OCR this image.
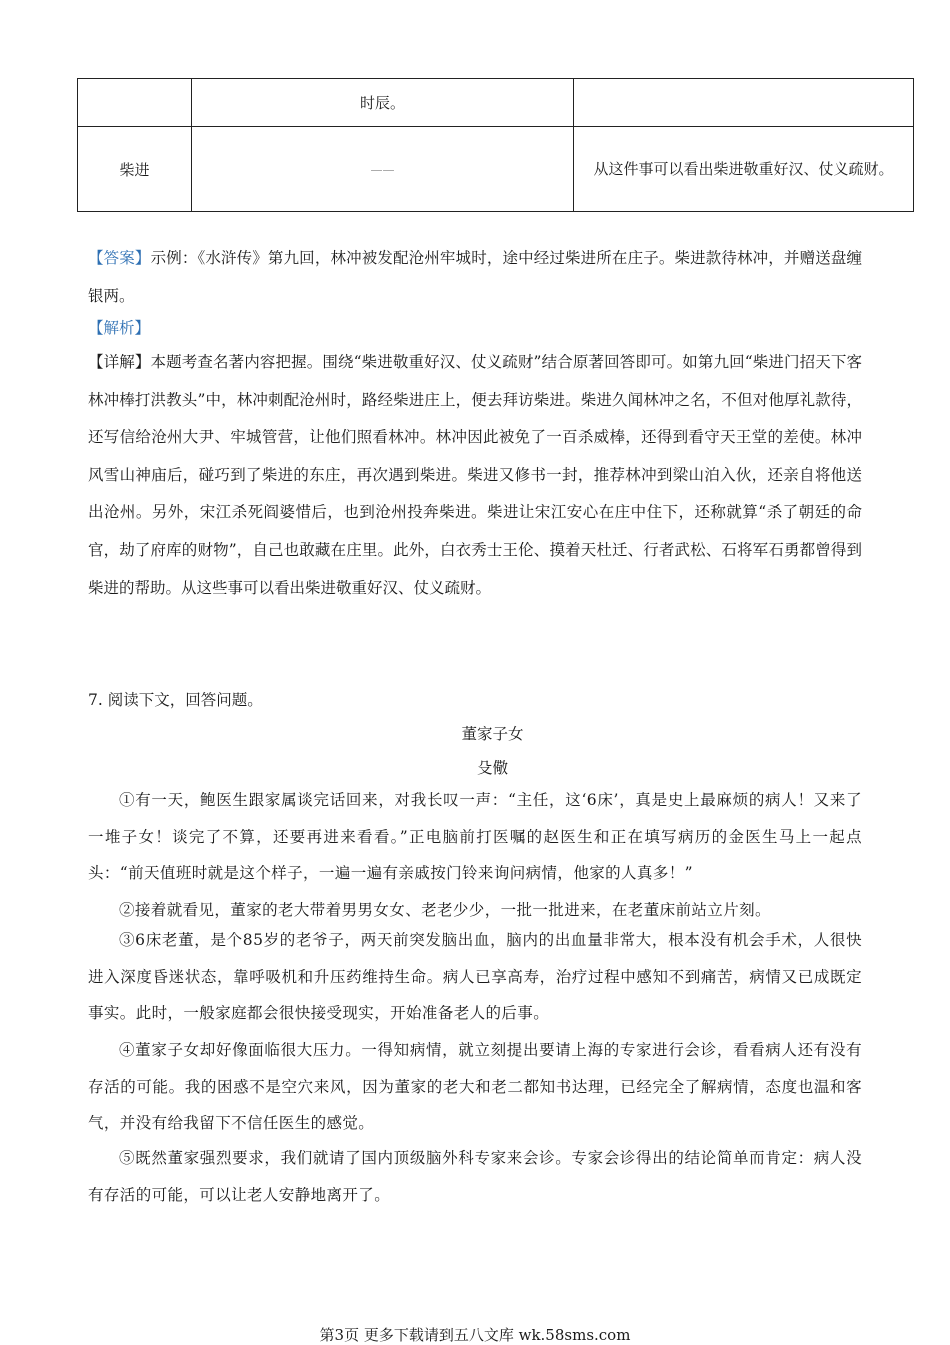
	时辰。	
柴进	——	从这件事可以看出柴进敬重好汉、仗义疏财。

【答案】示例：《水浒传》第九回，林冲被发配沧州牢城时，途中经过柴进所在庄子。柴进款待林冲，并赠送盘缠银两。

【解析】

【详解】本题考查名著内容把握。围绕“柴进敬重好汉、仗义疏财”结合原著回答即可。如第九回“柴进门招天下客 林冲棒打洪教头”中，林冲刺配沧州时，路经柴进庄上，便去拜访柴进。柴进久闻林冲之名，不但对他厚礼款待，还写信给沧州大尹、牢城管营，让他们照看林冲。林冲因此被免了一百杀威棒，还得到看守天王堂的差使。林冲风雪山神庙后，碰巧到了柴进的东庄，再次遇到柴进。柴进又修书一封，推荐林冲到梁山泊入伙，还亲自将他送出沧州。另外，宋江杀死阎婆惜后，也到沧州投奔柴进。柴进让宋江安心在庄中住下，还称就算“杀了朝廷的命官，劫了府库的财物”，自己也敢藏在庄里。此外，白衣秀士王伦、摸着天杜迁、行者武松、石将军石勇都曾得到柴进的帮助。从这些事可以看出柴进敬重好汉、仗义疏财。

7. 阅读下文，回答问题。

董家子女

殳儆

①有一天，鲍医生跟家属谈完话回来，对我长叹一声：“主任，这‘6床’，真是史上最麻烦的病人！又来了一堆子女！谈完了不算，还要再进来看看。”正电脑前打医嘱的赵医生和正在填写病历的金医生马上一起点头：“前天值班时就是这个样子，一遍一遍有亲戚按门铃来询问病情，他家的人真多！”

②接着就看见，董家的老大带着男男女女、老老少少，一批一批进来，在老董床前站立片刻。

③6床老董，是个85岁的老爷子，两天前突发脑出血，脑内的出血量非常大，根本没有机会手术，人很快进入深度昏迷状态，靠呼吸机和升压药维持生命。病人已享高寿，治疗过程中感知不到痛苦，病情又已成既定事实。此时，一般家庭都会很快接受现实，开始准备老人的后事。

④董家子女却好像面临很大压力。一得知病情，就立刻提出要请上海的专家进行会诊，看看病人还有没有存活的可能。我的困惑不是空穴来风，因为董家的老大和老二都知书达理，已经完全了解病情，态度也温和客气，并没有给我留下不信任医生的感觉。

⑤既然董家强烈要求，我们就请了国内顶级脑外科专家来会诊。专家会诊得出的结论简单而肯定：病人没有存活的可能，可以让老人安静地离开了。

第3页 更多下载请到五八文库 wk.58sms.com
